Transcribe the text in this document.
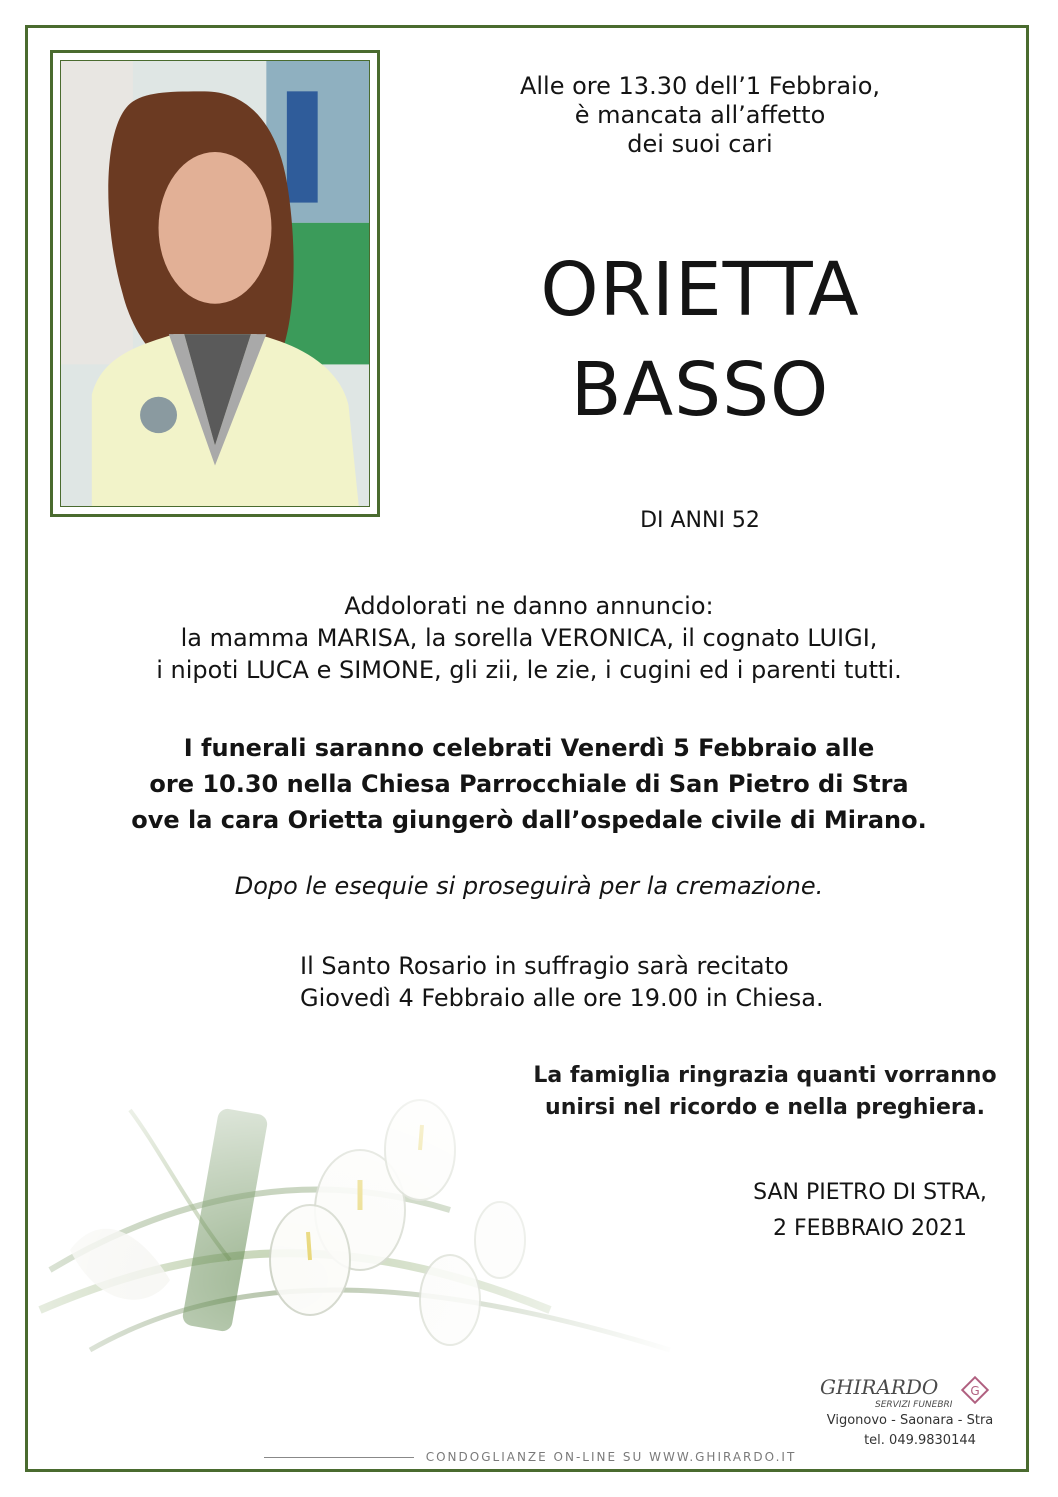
Alle ore 13.30 dell’1 Febbraio,
è mancata all’affetto
dei suoi cari
ORIETTA
BASSO
DI ANNI 52
Addolorati ne danno annuncio:
la mamma MARISA, la sorella VERONICA, il cognato LUIGI,
i nipoti LUCA e SIMONE, gli zii, le zie, i cugini ed i parenti tutti.
I funerali saranno celebrati Venerdì 5 Febbraio alle
ore 10.30 nella Chiesa Parrocchiale di San Pietro di Stra
ove la cara Orietta giungerò dall’ospedale civile di Mirano.
Dopo le esequie si proseguirà per la cremazione.
Il Santo Rosario in suffragio sarà recitato
Giovedì 4 Febbraio alle ore 19.00 in Chiesa.
La famiglia ringrazia quanti vorranno
unirsi nel ricordo e nella preghiera.
SAN PIETRO DI STRA,
2 FEBBRAIO 2021
GHIRARDO
SERVIZI FUNEBRI
G
Vigonovo - Saonara - Stra
tel. 049.9830144
CONDOGLIANZE ON-LINE SU WWW.GHIRARDO.IT
